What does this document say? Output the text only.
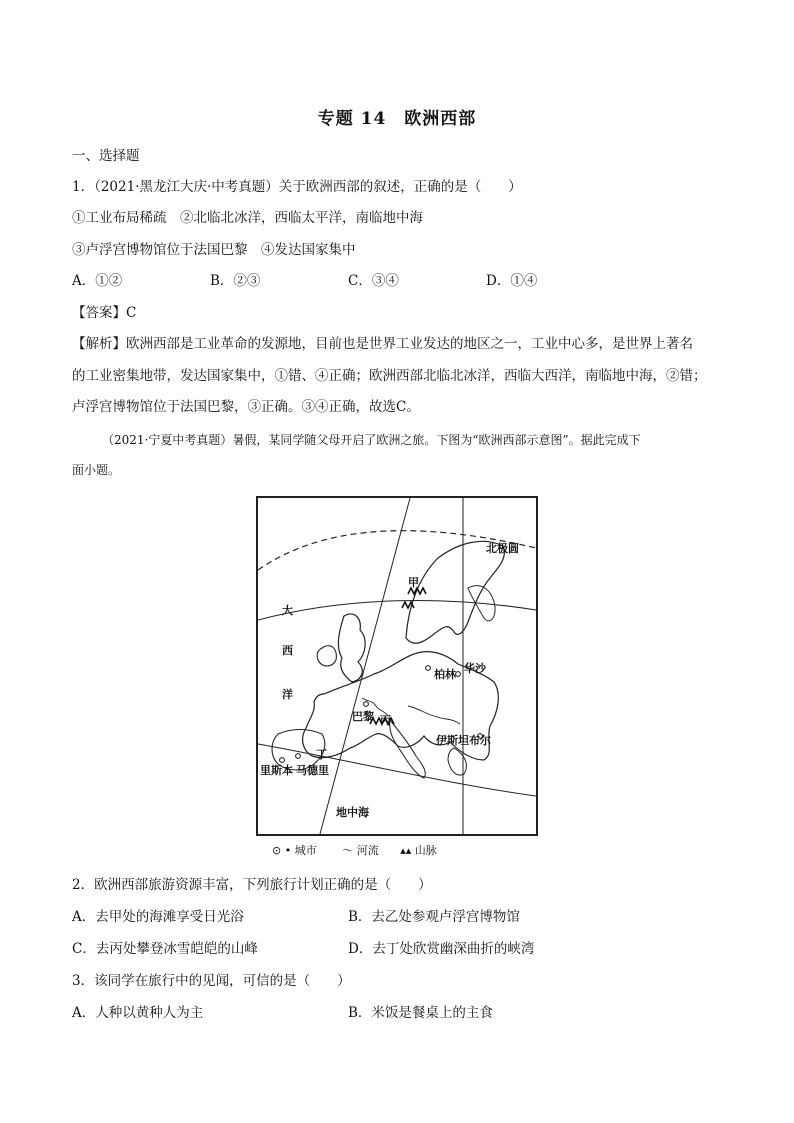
专题 14　欧洲西部
一、选择题
1．（2021·黑龙江大庆·中考真题）关于欧洲西部的叙述，正确的是（　　）
①工业布局稀疏　②北临北冰洋，西临太平洋，南临地中海
③卢浮宫博物馆位于法国巴黎　④发达国家集中
A．①②	B．②③	C．③④	D．①④
【答案】C
【解析】欧洲西部是工业革命的发源地，目前也是世界工业发达的地区之一，工业中心多，是世界上著名
的工业密集地带，发达国家集中，①错、④正确；欧洲西部北临北冰洋，西临大西洋，南临地中海，②错；
卢浮宫博物馆位于法国巴黎，③正确。③④正确，故选C。
（2021·宁夏中考真题）暑假，某同学随父母开启了欧洲之旅。下图为“欧洲西部示意图”。据此完成下
面小题。
北极圆
甲
大
西
洋
柏林 华沙
巴黎 丙
伊斯坦布尔
丁
里斯本 马德里
地中海
⊙ • 城市 〜 河流 ▴▴ 山脉
2．欧洲西部旅游资源丰富，下列旅行计划正确的是（　　）
A．去甲处的海滩享受日光浴	B．去乙处参观卢浮宫博物馆
C．去丙处攀登冰雪皑皑的山峰	D．去丁处欣赏幽深曲折的峡湾
3．该同学在旅行中的见闻，可信的是（　　）
A．人种以黄种人为主	B．米饭是餐桌上的主食
